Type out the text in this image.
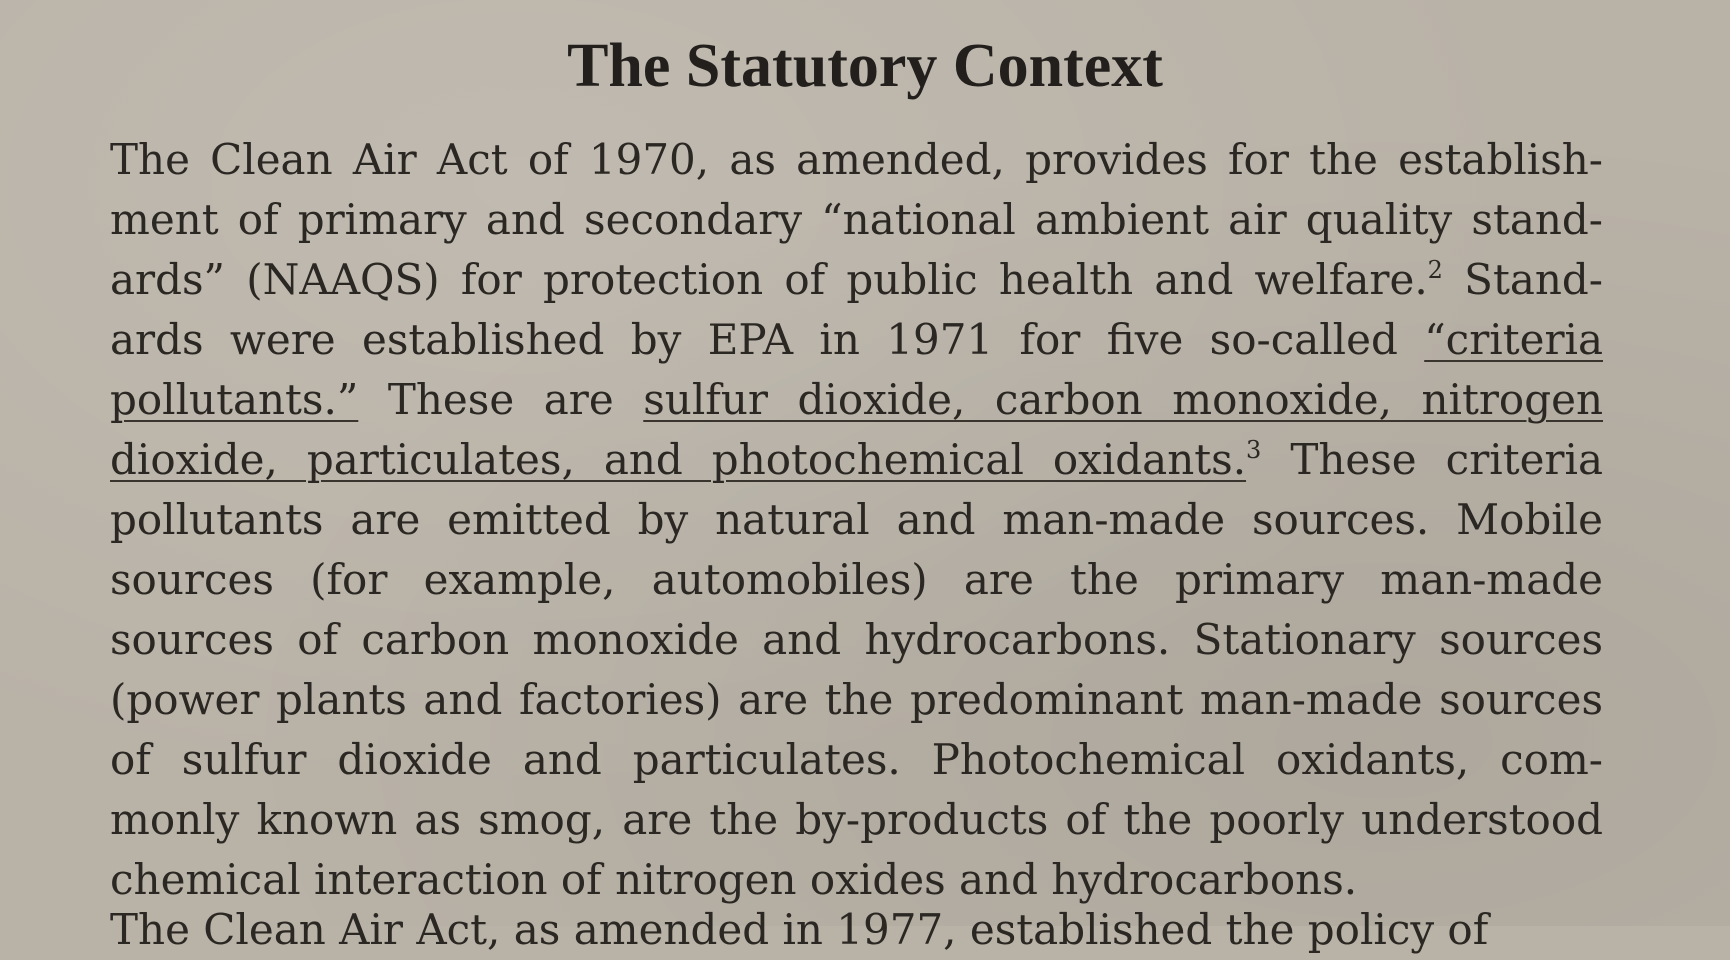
The Statutory Context
The Clean Air Act of 1970, as amended, provides for the establish-
ment of primary and secondary “national ambient air quality stand-
ards” (NAAQS) for protection of public health and welfare.$^2$ Stand-
ards were established by EPA in 1971 for five so-called “criteria
pollutants.” These are sulfur dioxide, carbon monoxide, nitrogen
dioxide, particulates, and photochemical oxidants.$^3$ These criteria
pollutants are emitted by natural and man-made sources. Mobile
sources (for example, automobiles) are the primary man-made
sources of carbon monoxide and hydrocarbons. Stationary sources
(power plants and factories) are the predominant man-made sources
of sulfur dioxide and particulates. Photochemical oxidants, com-
monly known as smog, are the by-products of the poorly understood
chemical interaction of nitrogen oxides and hydrocarbons.
The Clean Air Act, as amended in 1977, established the policy of
